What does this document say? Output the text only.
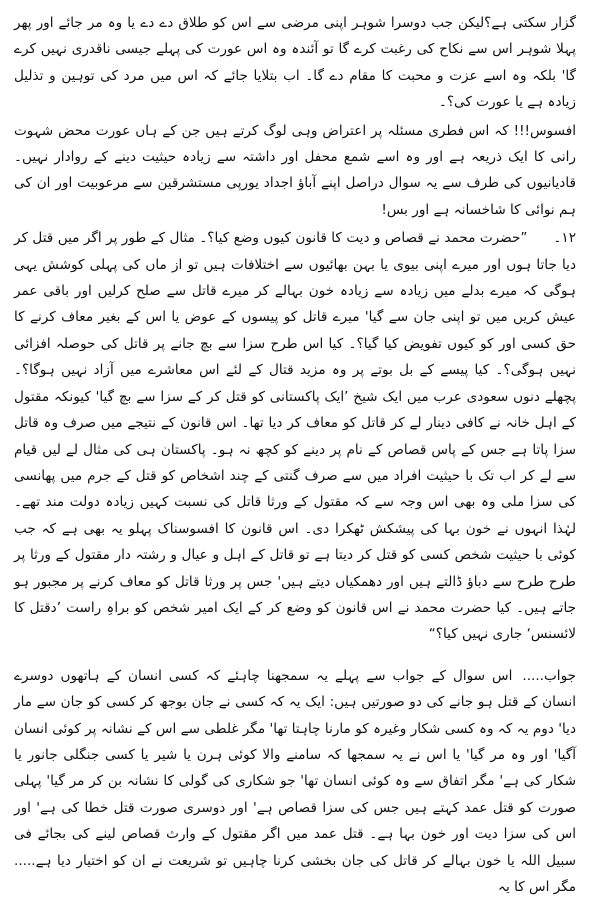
گزار سکتی ہے؟لیکن جب دوسرا شوہر اپنی مرضی سے اس کو طلاق دے دے یا وہ مر جائے اور پھر پہلا شوہر اس سے نکاح کی رغبت کرے گا تو آئندہ وہ اس عورت کی پہلے جیسی ناقدری نہیں کرے گا' بلکہ وہ اسے عزت و محبت کا مقام دے گا۔ اب بتلایا جائے کہ اس میں مرد کی توہین و تذلیل زیادہ ہے یا عورت کی؟۔

افسوس!!! کہ اس فطری مسئلہ پر اعتراض وہی لوگ کرتے ہیں جن کے ہاں عورت محض شہوت رانی کا ایک ذریعہ ہے اور وہ اسے شمع محفل اور داشتہ سے زیادہ حیثیت دینے کے روادار نہیں۔ قادیانیوں کی طرف سے یہ سوال دراصل اپنے آباؤ اجداد یورپی مستشرقین سے مرعوبیت اور ان کی ہم نوائی کا شاخسانہ ہے اور بس!

۱۲۔”حضرت محمد نے قصاص و دیت کا قانون کیوں وضع کیا؟۔ مثال کے طور پر اگر میں قتل کر دیا جاتا ہوں اور میرے اپنی بیوی یا بہن بھائیوں سے اختلافات ہیں تو از ماں کی پہلی کوشش یہی ہوگی کہ میرے بدلے میں زیادہ سے زیادہ خون بہالے کر میرے قاتل سے صلح کرلیں اور باقی عمر عیش کریں میں تو اپنی جان سے گیا' میرے قاتل کو پیسوں کے عوض یا اس کے بغیر معاف کرنے کا حق کسی اور کو کیوں تفویض کیا گیا؟۔ کیا اس طرح سزا سے بچ جانے پر قاتل کی حوصلہ افزائی نہیں ہوگی؟۔ کیا پیسے کے بل بوتے پر وہ مزید قتال کے لئے اس معاشرے میں آزاد نہیں ہوگا؟۔ پچھلے دنوں سعودی عرب میں ایک شیخ ’ایک پاکستانی کو قتل کر کے سزا سے بچ گیا' کیونکہ مقتول کے اہل خانہ نے کافی دینار لے کر قاتل کو معاف کر دیا تھا۔ اس قانون کے نتیجے میں صرف وہ قاتل سزا پاتا ہے جس کے پاس قصاص کے نام پر دینے کو کچھ نہ ہو۔ پاکستان ہی کی مثال لے لیں قیام سے لے کر اب تک با حیثیت افراد میں سے صرف گنتی کے چند اشخاص کو قتل کے جرم میں پھانسی کی سزا ملی وہ بھی اس وجہ سے کہ مقتول کے ورثا قاتل کی نسبت کہیں زیادہ دولت مند تھے۔ لہٰذا انہوں نے خون بہا کی پیشکش ٹھکرا دی۔ اس قانون کا افسوسناک پہلو یہ بھی ہے کہ جب کوئی با حیثیت شخص کسی کو قتل کر دیتا ہے تو قاتل کے اہل و عیال و رشتہ دار مقتول کے ورثا پر طرح طرح سے دباؤ ڈالتے ہیں اور دھمکیاں دیتے ہیں' جس پر ورثا قاتل کو معاف کرنے پر مجبور ہو جاتے ہیں۔ کیا حضرت محمد نے اس قانون کو وضع کر کے ایک امیر شخص کو براہِ راست ’دقتل کا لائسنس‘ جاری نہیں کیا؟“

جواب.....اس سوال کے جواب سے پہلے یہ سمجھنا چاہئے کہ کسی انسان کے ہاتھوں دوسرے انسان کے قتل ہو جانے کی دو صورتیں ہیں: ایک یہ کہ کسی نے جان بوجھ کر کسی کو جان سے مار دیا' دوم یہ کہ وہ کسی شکار وغیرہ کو مارنا چاہتا تھا' مگر غلطی سے اس کے نشانہ پر کوئی انسان آگیا' اور وہ مر گیا' یا اس نے یہ سمجھا کہ سامنے والا کوئی ہرن یا شیر یا کسی جنگلی جانور یا شکار کی ہے' مگر اتفاق سے وہ کوئی انسان تھا' جو شکاری کی گولی کا نشانہ بن کر مر گیا' پہلی صورت کو قتل عمد کہتے ہیں جس کی سزا قصاص ہے' اور دوسری صورت قتل خطا کی ہے' اور اس کی سزا دیت اور خون بہا ہے۔ قتل عمد میں اگر مقتول کے وارث قصاص لینے کی بجائے فی سبیل اللہ یا خون بہالے کر قاتل کی جان بخشی کرنا چاہیں تو شریعت نے ان کو اختیار دیا ہے..... مگر اس کا یہ
